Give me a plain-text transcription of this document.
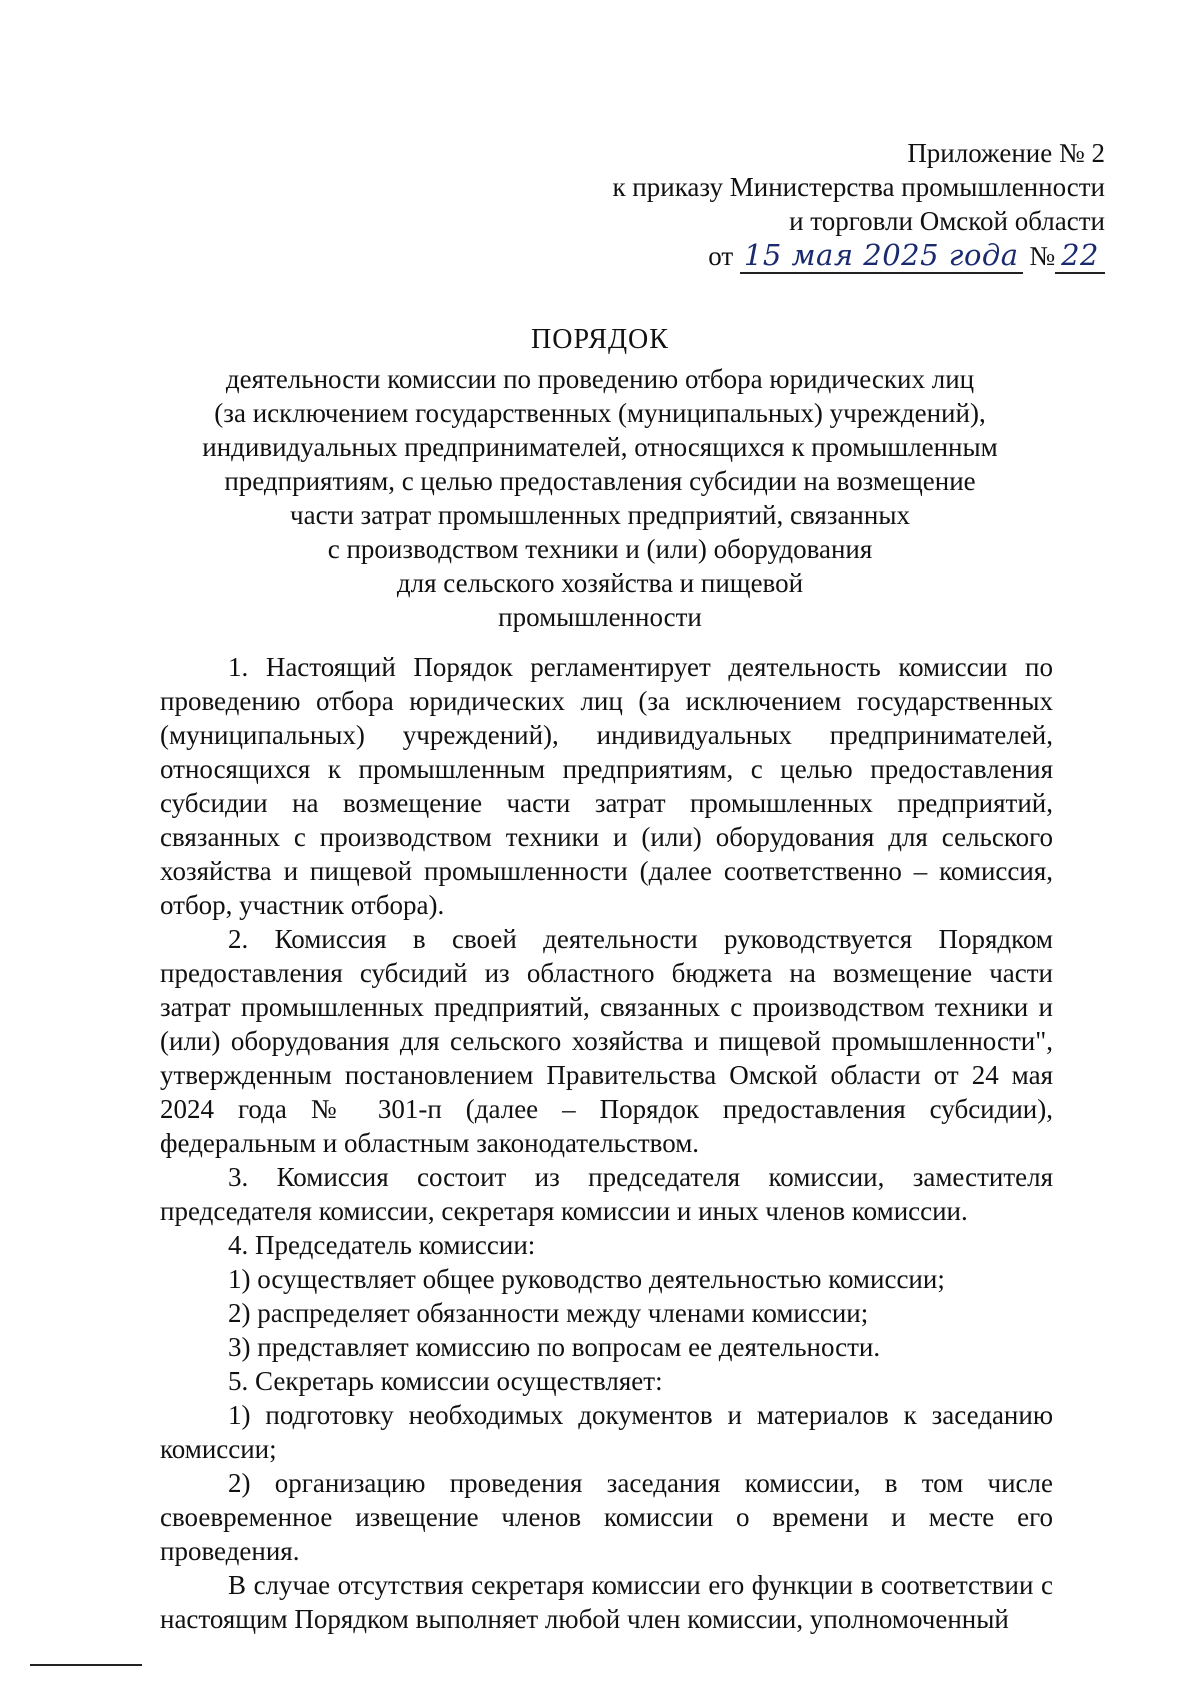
Приложение № 2
к приказу Министерства промышленности
и торговли Омской области
от 15 мая 2025 года № 22
ПОРЯДОК
деятельности комиссии по проведению отбора юридических лиц
(за исключением государственных (муниципальных) учреждений),
индивидуальных предпринимателей, относящихся к промышленным
предприятиям, с целью предоставления субсидии на возмещение
части затрат промышленных предприятий, связанных
с производством техники и (или) оборудования
для сельского хозяйства и пищевой
промышленности

1. Настоящий Порядок регламентирует деятельность комиссии по проведению отбора юридических лиц (за исключением государственных (муниципальных) учреждений), индивидуальных предпринимателей, относящихся к промышленным предприятиям, с целью предоставления субсидии на возмещение части затрат промышленных предприятий, связанных с производством техники и (или) оборудования для сельского хозяйства и пищевой промышленности (далее соответственно – комиссия, отбор, участник отбора).

2. Комиссия в своей деятельности руководствуется Порядком предоставления субсидий из областного бюджета на возмещение части затрат промышленных предприятий, связанных с производством техники и (или) оборудования для сельского хозяйства и пищевой промышленности", утвержденным постановлением Правительства Омской области от 24 мая 2024 года № 301-п (далее – Порядок предоставления субсидии), федеральным и областным законодательством.

3. Комиссия состоит из председателя комиссии, заместителя председателя комиссии, секретаря комиссии и иных членов комиссии.

4. Председатель комиссии:

1) осуществляет общее руководство деятельностью комиссии;

2) распределяет обязанности между членами комиссии;

3) представляет комиссию по вопросам ее деятельности.

5. Секретарь комиссии осуществляет:

1) подготовку необходимых документов и материалов к заседанию комиссии;

2) организацию проведения заседания комиссии, в том числе своевременное извещение членов комиссии о времени и месте его проведения.

В случае отсутствия секретаря комиссии его функции в соответствии с настоящим Порядком выполняет любой член комиссии, уполномоченный
